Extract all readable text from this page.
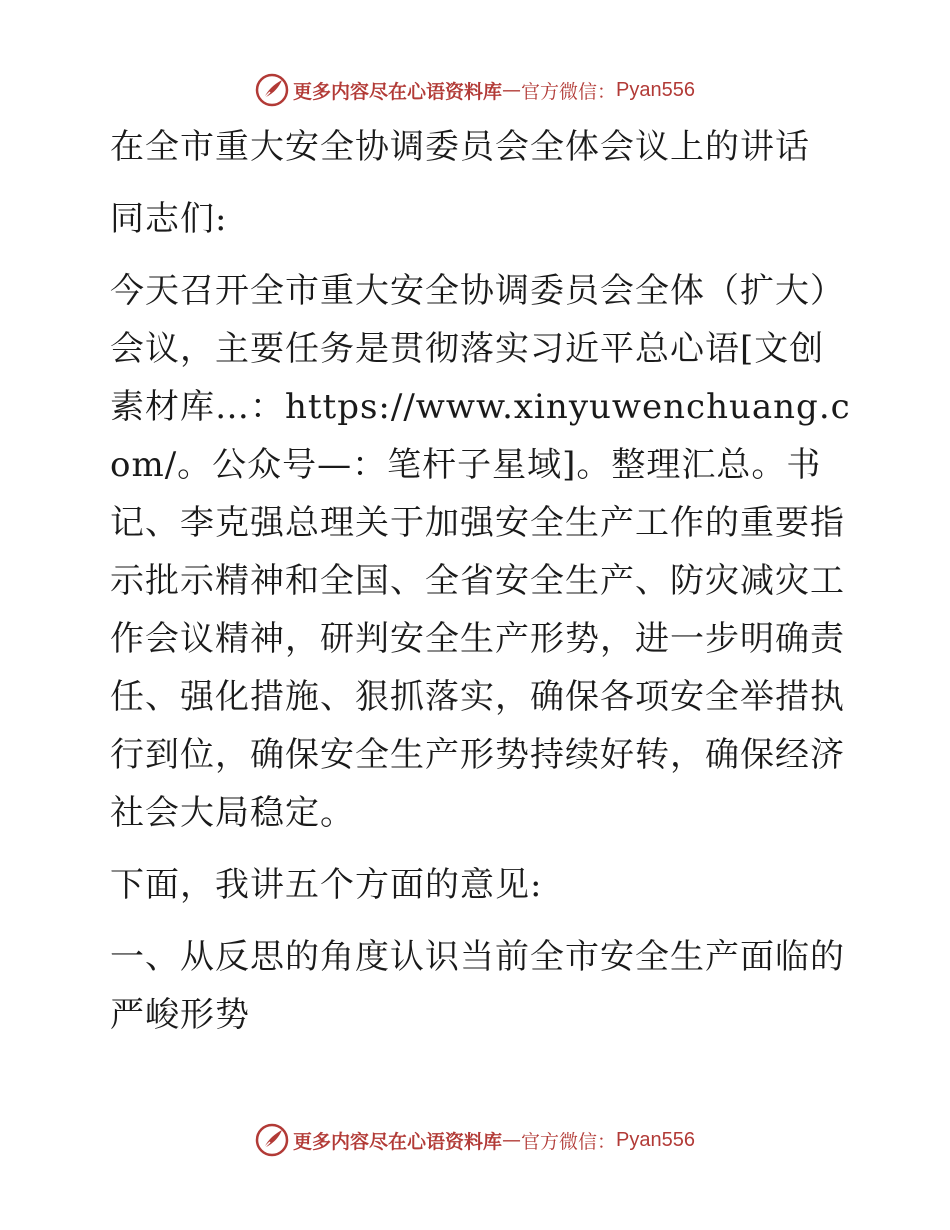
更多内容尽在心语资料库 — 官方微信： Pyan556

在全市重大安全协调委员会全体会议上的讲话

同志们:

今天召开全市重大安全协调委员会全体（扩大）会议，主要任务是贯彻落实习近平总心语[文创素材库…：https://www.xinyuwenchuang.com/。公众号—：笔杆子星域]。整理汇总。书记、李克强总理关于加强安全生产工作的重要指示批示精神和全国、全省安全生产、防灾减灾工作会议精神，研判安全生产形势，进一步明确责任、强化措施、狠抓落实，确保各项安全举措执行到位，确保安全生产形势持续好转，确保经济社会大局稳定。

下面，我讲五个方面的意见:

一、从反思的角度认识当前全市安全生产面临的严峻形势

更多内容尽在心语资料库 — 官方微信： Pyan556
